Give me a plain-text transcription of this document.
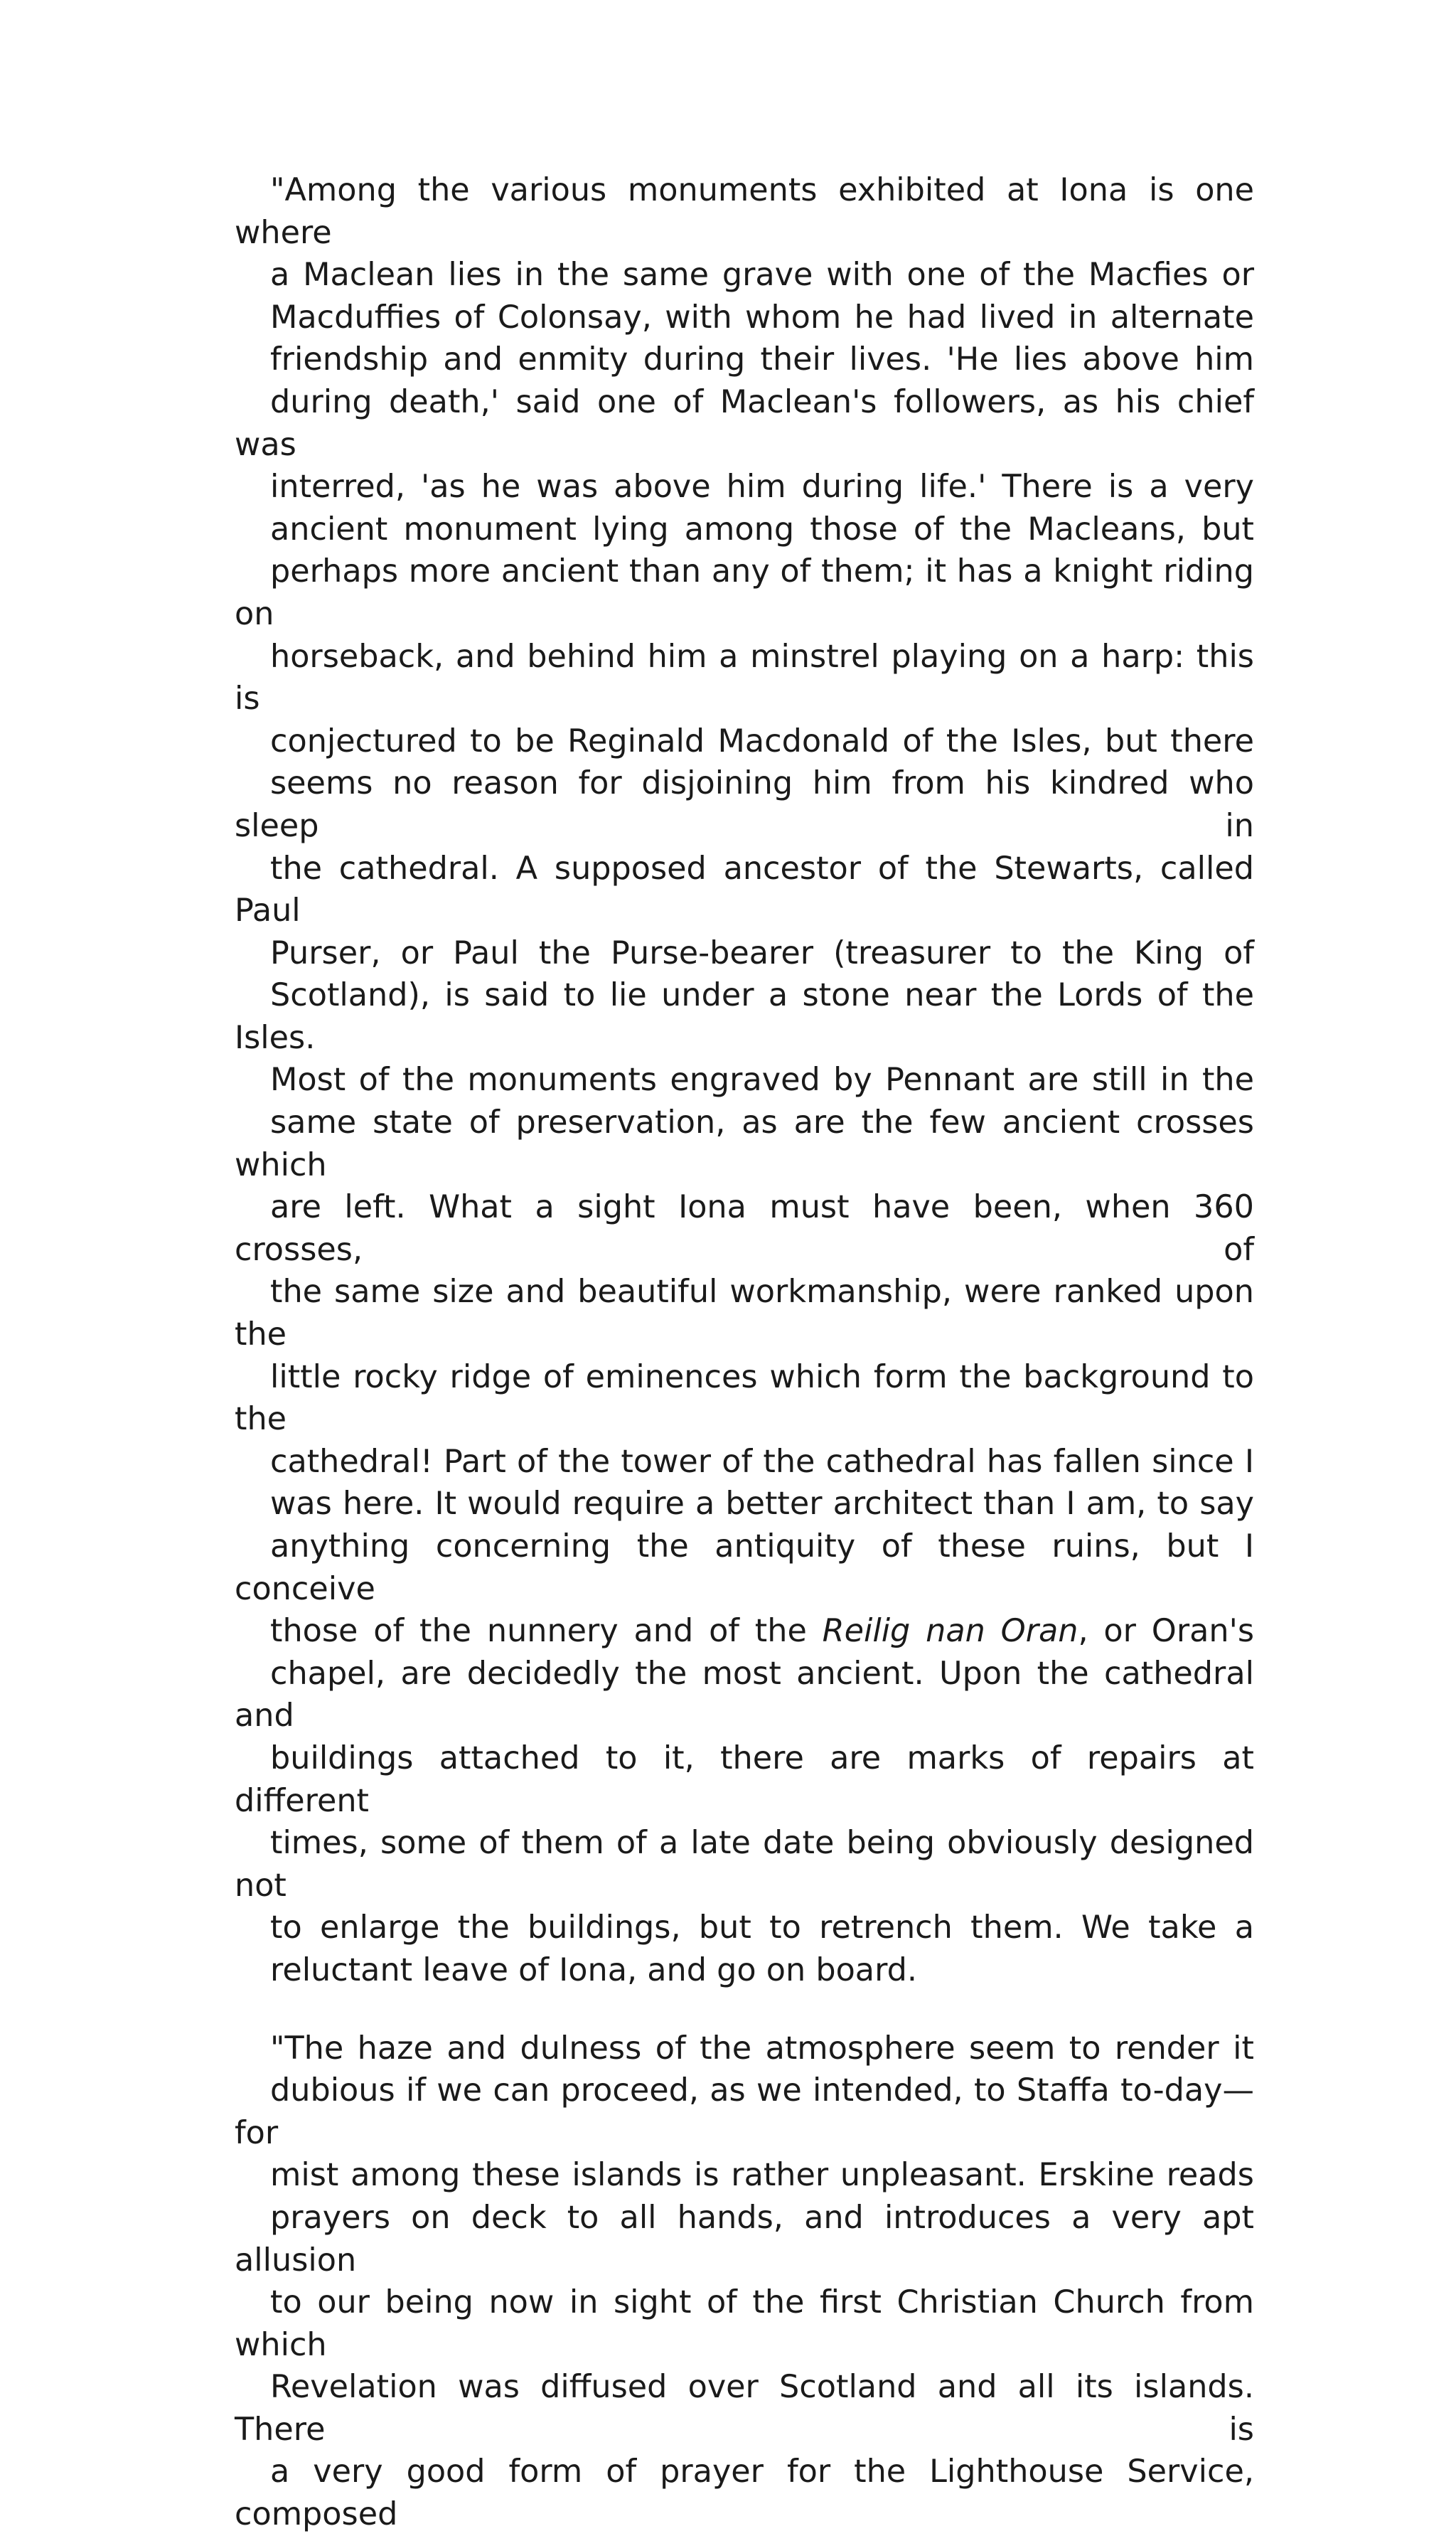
"Among the various monuments exhibited at Iona is one where
a Maclean lies in the same grave with one of the Macfies or
Macduffies of Colonsay, with whom he had lived in alternate
friendship and enmity during their lives. 'He lies above him
during death,' said one of Maclean's followers, as his chief was
interred, 'as he was above him during life.' There is a very
ancient monument lying among those of the Macleans, but
perhaps more ancient than any of them; it has a knight riding on
horseback, and behind him a minstrel playing on a harp: this is
conjectured to be Reginald Macdonald of the Isles, but there
seems no reason for disjoining him from his kindred who sleep in
the cathedral. A supposed ancestor of the Stewarts, called Paul
Purser, or Paul the Purse-bearer (treasurer to the King of
Scotland), is said to lie under a stone near the Lords of the Isles.
Most of the monuments engraved by Pennant are still in the
same state of preservation, as are the few ancient crosses which
are left. What a sight Iona must have been, when 360 crosses, of
the same size and beautiful workmanship, were ranked upon the
little rocky ridge of eminences which form the background to the
cathedral! Part of the tower of the cathedral has fallen since I
was here. It would require a better architect than I am, to say
anything concerning the antiquity of these ruins, but I conceive
those of the nunnery and of the Reilig nan Oran, or Oran's
chapel, are decidedly the most ancient. Upon the cathedral and
buildings attached to it, there are marks of repairs at different
times, some of them of a late date being obviously designed not
to enlarge the buildings, but to retrench them. We take a
reluctant leave of Iona, and go on board.

"The haze and dulness of the atmosphere seem to render it
dubious if we can proceed, as we intended, to Staffa to-day—for
mist among these islands is rather unpleasant. Erskine reads
prayers on deck to all hands, and introduces a very apt allusion
to our being now in sight of the first Christian Church from which
Revelation was diffused over Scotland and all its islands. There is
a very good form of prayer for the Lighthouse Service, composed
